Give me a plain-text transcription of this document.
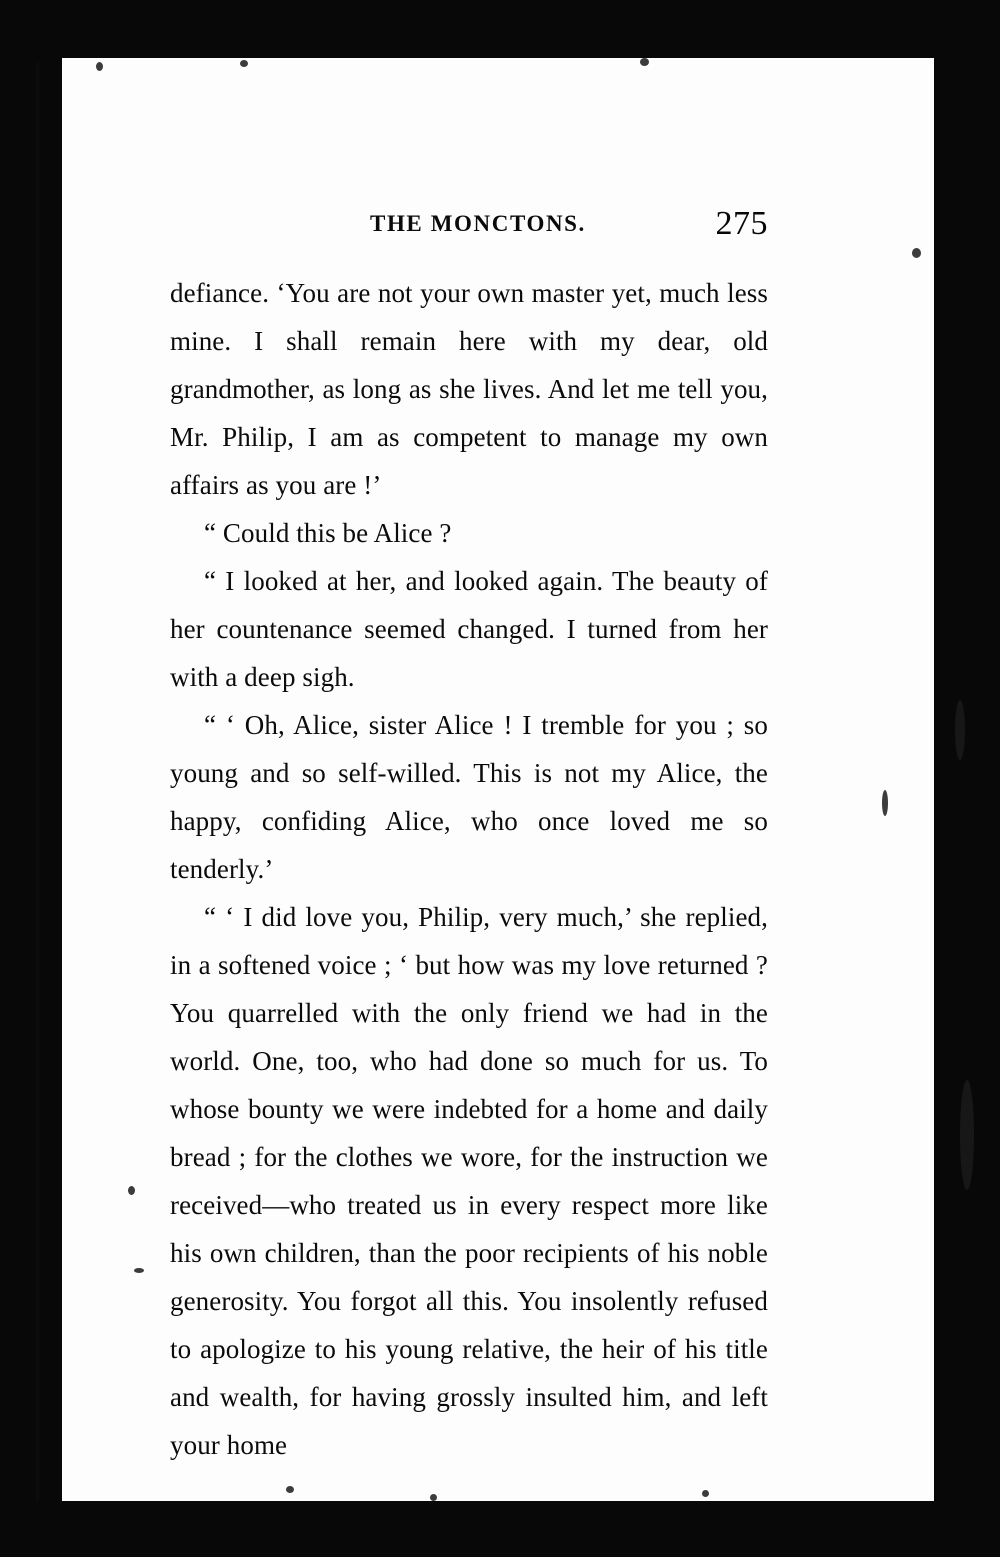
THE MONCTONS.	275

defiance. ‘You are not your own master yet, much less mine. I shall remain here with my dear, old grandmother, as long as she lives. And let me tell you, Mr. Philip, I am as competent to manage my own affairs as you are !’

“ Could this be Alice ?

“ I looked at her, and looked again. The beauty of her countenance seemed changed. I turned from her with a deep sigh.

“ ‘ Oh, Alice, sister Alice ! I tremble for you ; so young and so self-willed. This is not my Alice, the happy, confiding Alice, who once loved me so tenderly.’

“ ‘ I did love you, Philip, very much,’ she replied, in a softened voice ; ‘ but how was my love returned ? You quarrelled with the only friend we had in the world. One, too, who had done so much for us. To whose bounty we were indebted for a home and daily bread ; for the clothes we wore, for the instruction we received—who treated us in every respect more like his own children, than the poor recipients of his noble generosity. You forgot all this. You insolently refused to apologize to his young relative, the heir of his title and wealth, for having grossly insulted him, and left your home
